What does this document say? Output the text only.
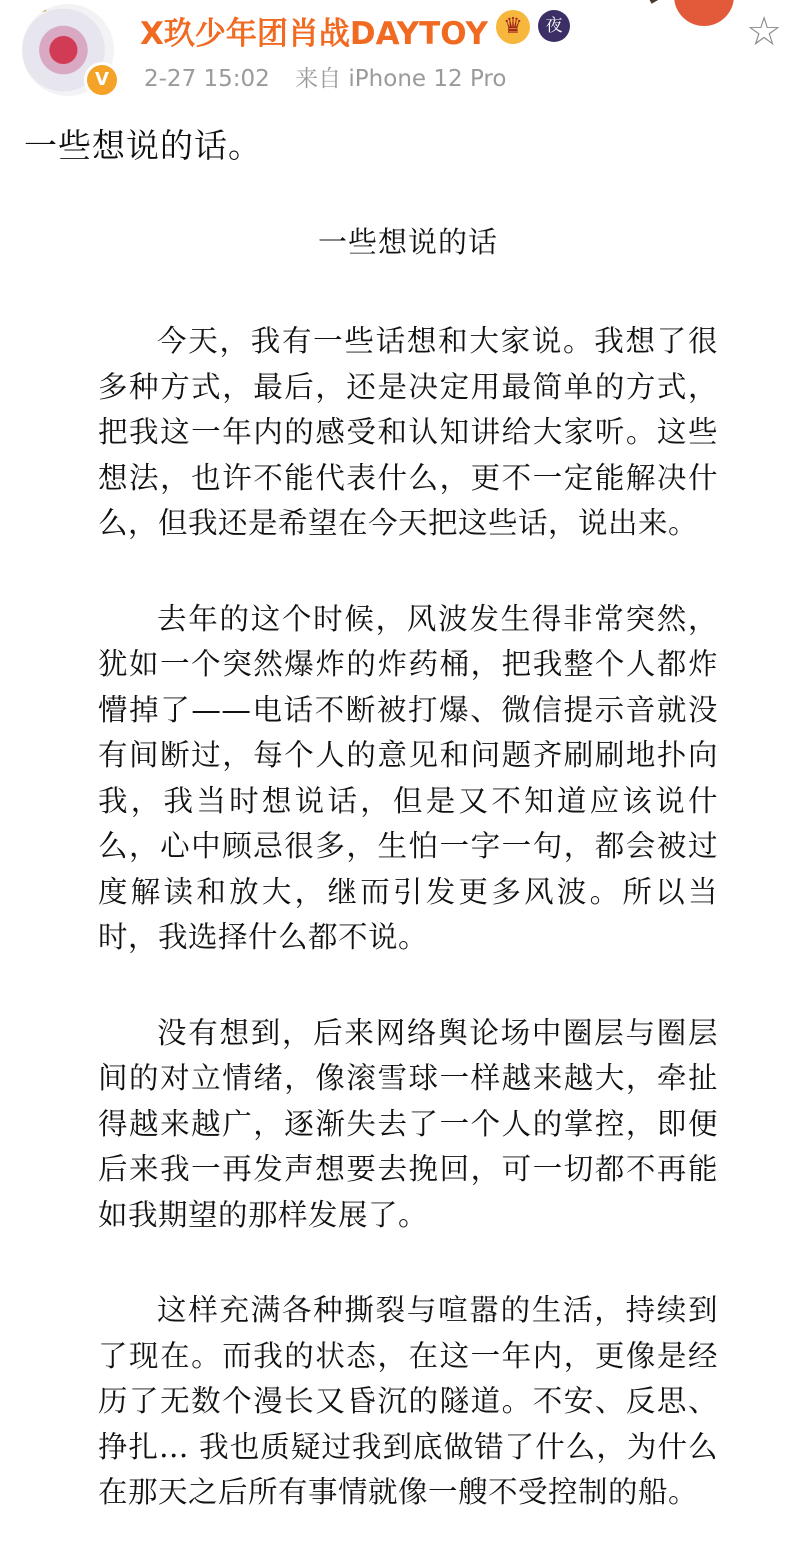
V
X玖少年团肖战DAYTOY ♛	夜
2-27 15:02 来自 iPhone 12 Pro
☆
一些想说的话。
一些想说的话

今天，我有一些话想和大家说。我想了很多种方式，最后，还是决定用最简单的方式，把我这一年内的感受和认知讲给大家听。这些想法，也许不能代表什么，更不一定能解决什么，但我还是希望在今天把这些话，说出来。

去年的这个时候，风波发生得非常突然，犹如一个突然爆炸的炸药桶，把我整个人都炸懵掉了——电话不断被打爆、微信提示音就没有间断过，每个人的意见和问题齐刷刷地扑向我，我当时想说话，但是又不知道应该说什么，心中顾忌很多，生怕一字一句，都会被过度解读和放大，继而引发更多风波。所以当时，我选择什么都不说。

没有想到，后来网络舆论场中圈层与圈层间的对立情绪，像滚雪球一样越来越大，牵扯得越来越广，逐渐失去了一个人的掌控，即便后来我一再发声想要去挽回，可一切都不再能如我期望的那样发展了。

这样充满各种撕裂与喧嚣的生活，持续到了现在。而我的状态，在这一年内，更像是经历了无数个漫长又昏沉的隧道。不安、反思、挣扎... 我也质疑过我到底做错了什么，为什么在那天之后所有事情就像一艘不受控制的船。
